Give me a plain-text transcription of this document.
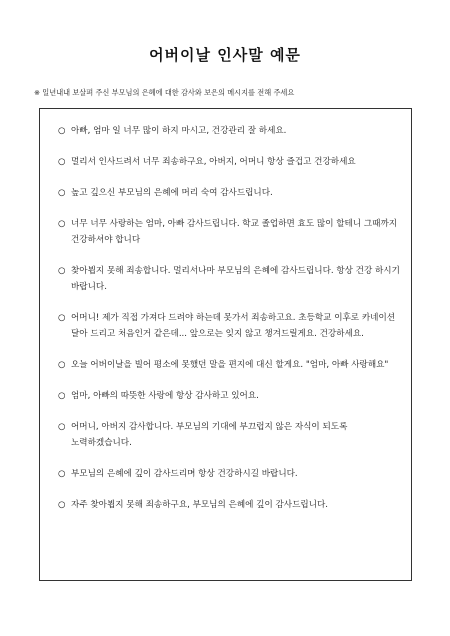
어버이날 인사말 예문

※ 일년내내 보살펴 주신 부모님의 은혜에 대한 감사와 보은의 메시지를 전해 주세요

○ 아빠, 엄마 일 너무 많이 하지 마시고, 건강관리 잘 하세요.
○ 멀리서 인사드려서 너무 죄송하구요, 아버지, 어머니 항상 즐겁고 건강하세요
○ 높고 깊으신 부모님의 은혜에 머리 숙여 감사드립니다.
○ 너무 너무 사랑하는 엄마, 아빠 감사드립니다. 학교 졸업하면 효도 많이 할테니 그때까지 건강하셔야 합니다
○ 찾아뵙지 못해 죄송합니다. 멀리서나마 부모님의 은혜에 감사드립니다. 항상 건강 하시기 바랍니다.
○ 어머니! 제가 직접 가져다 드려야 하는데 못가서 죄송하고요. 초등학교 이후로 카네이션 달아 드리고 처음인거 같은데... 앞으로는 잊지 않고 챙겨드릴게요. 건강하세요.
○ 오늘 어버이날을 빌어 평소에 못했던 말을 편지에 대신 할게요. "엄마, 아빠 사랑해요"
○ 엄마, 아빠의 따뜻한 사랑에 항상 감사하고 있어요.
○ 어머니, 아버지 감사합니다. 부모님의 기대에 부끄럽지 않은 자식이 되도록 노력하겠습니다.
○ 부모님의 은혜에 깊이 감사드리며 항상 건강하시길 바랍니다.
○ 자주 찾아뵙지 못해 죄송하구요, 부모님의 은혜에 깊이 감사드립니다.
